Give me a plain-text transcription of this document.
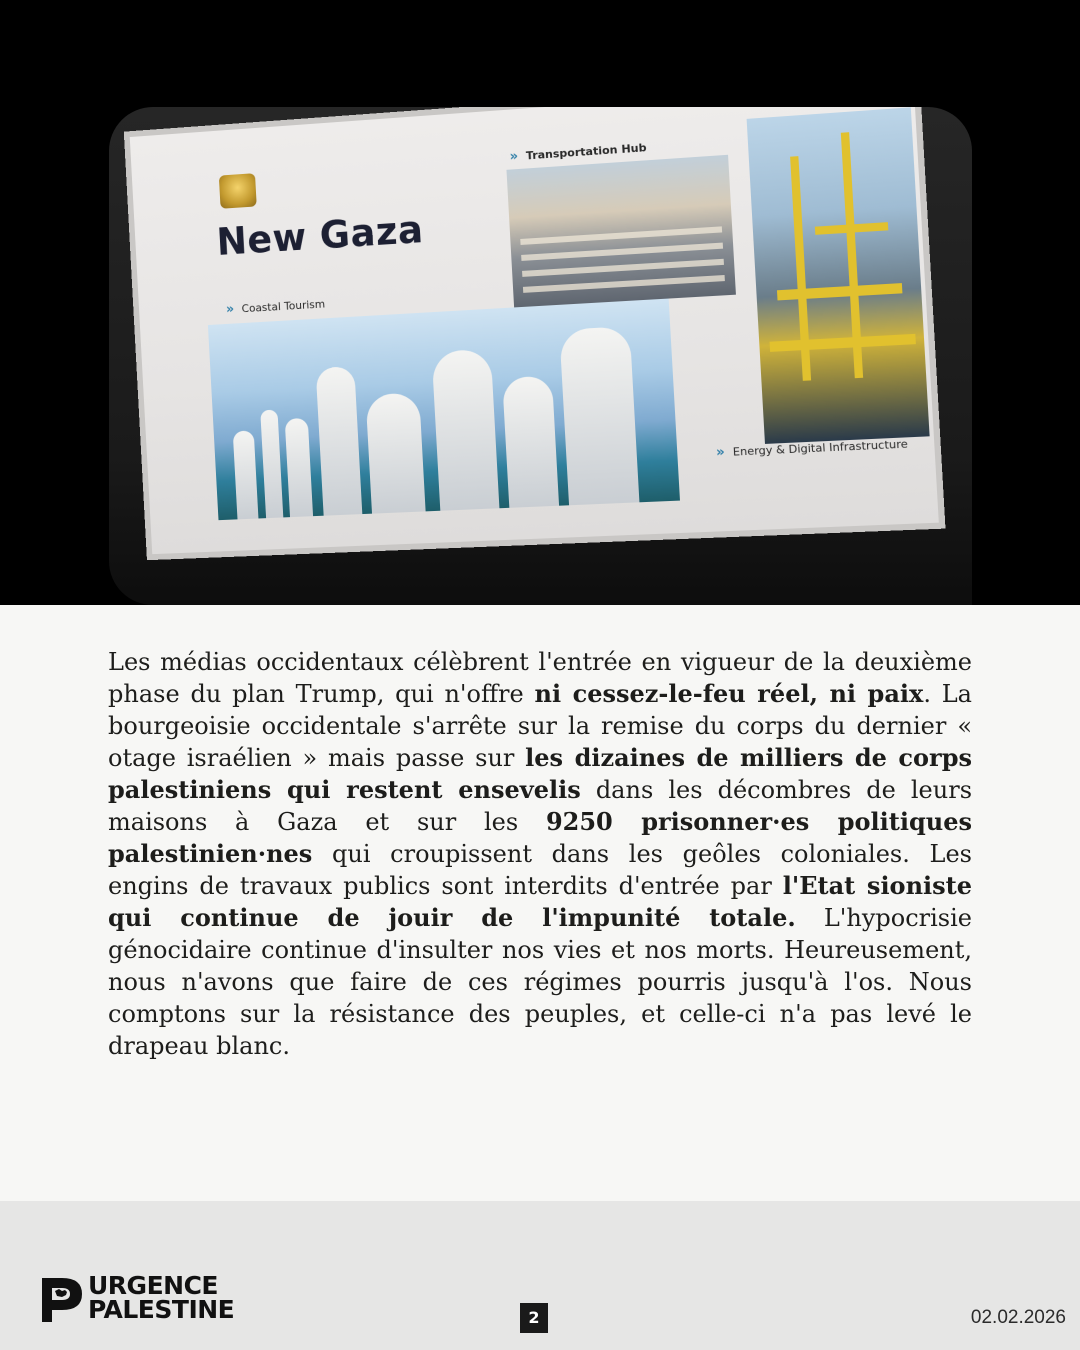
New Gaza
» Transportation Hub
» Coastal Tourism
» Energy & Digital Infrastructure

Les médias occidentaux célèbrent l'entrée en vigueur de la deuxième phase du plan Trump, qui n'offre ni cessez-le-feu réel, ni paix. La bourgeoisie occidentale s'arrête sur la remise du corps du dernier « otage israélien » mais passe sur les dizaines de milliers de corps palestiniens qui restent ensevelis dans les décombres de leurs maisons à Gaza et sur les 9250 prisonner·es politiques palestinien·nes qui croupissent dans les geôles coloniales. Les engins de travaux publics sont interdits d'entrée par l'Etat sioniste qui continue de jouir de l'impunité totale. L'hypocrisie génocidaire continue d'insulter nos vies et nos morts. Heureusement, nous n'avons que faire de ces régimes pourris jusqu'à l'os. Nous comptons sur la résistance des peuples, et celle-ci n'a pas levé le drapeau blanc.

URGENCE
PALESTINE	2	02.02.2026
